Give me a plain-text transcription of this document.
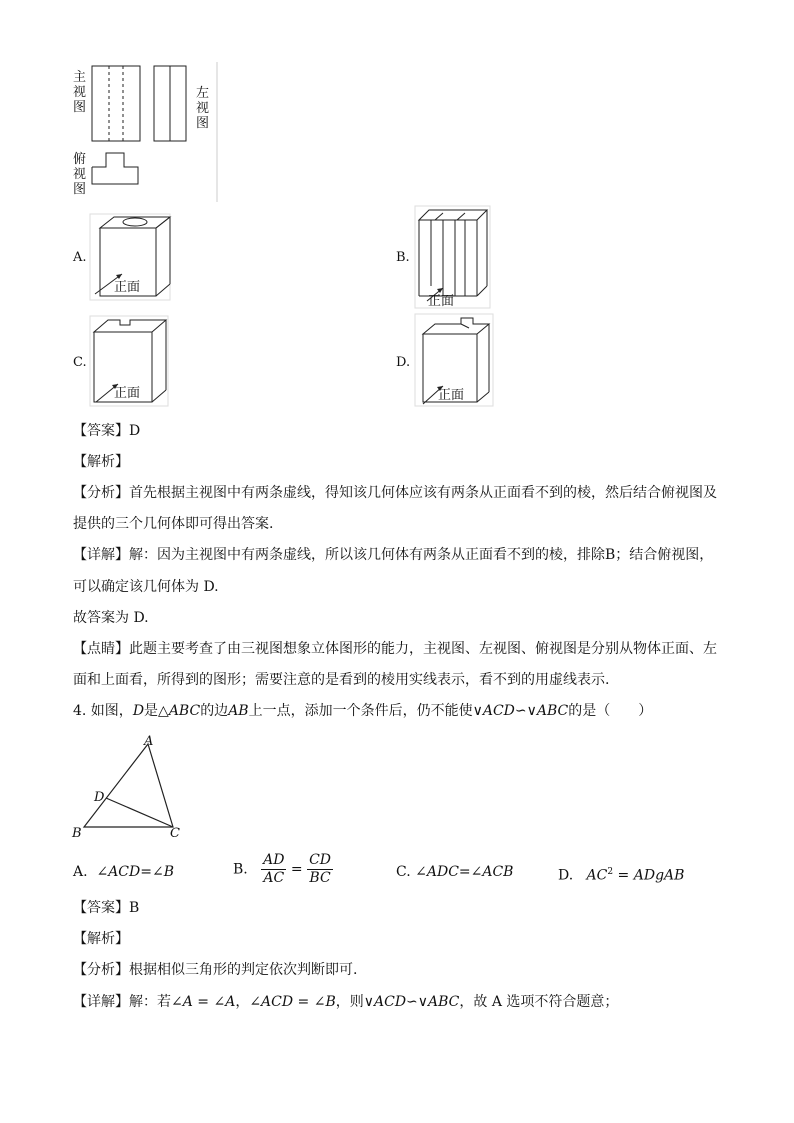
主
视
图
左
视
图
俯
视
图
A.
正面
B.
正面
C.
正面
D.
正面
【答案】D
【解析】
【分析】首先根据主视图中有两条虚线，得知该几何体应该有两条从正面看不到的棱，然后结合俯视图及
提供的三个几何体即可得出答案.
【详解】解：因为主视图中有两条虚线，所以该几何体有两条从正面看不到的棱，排除B；结合俯视图，
可以确定该几何体为 D.
故答案为 D.
【点睛】此题主要考查了由三视图想象立体图形的能力，主视图、左视图、俯视图是分别从物体正面、左
面和上面看，所得到的图形；需要注意的是看到的棱用实线表示，看不到的用虚线表示.
4. 如图，D是△ABC的边AB上一点，添加一个条件后，仍不能使∨ACD∽∨ABC的是（　　）
A
D
B	C
A. ∠ACD=∠B	B. $\frac{AD}{AC} = \frac{CD}{BC}$	C. ∠ADC=∠ACB	D. $AC^2$ = ADgAB
【答案】B
【解析】
【分析】根据相似三角形的判定依次判断即可.
【详解】解：若∠A = ∠A，∠ACD = ∠B，则∨ACD∽∨ABC，故 A 选项不符合题意；
